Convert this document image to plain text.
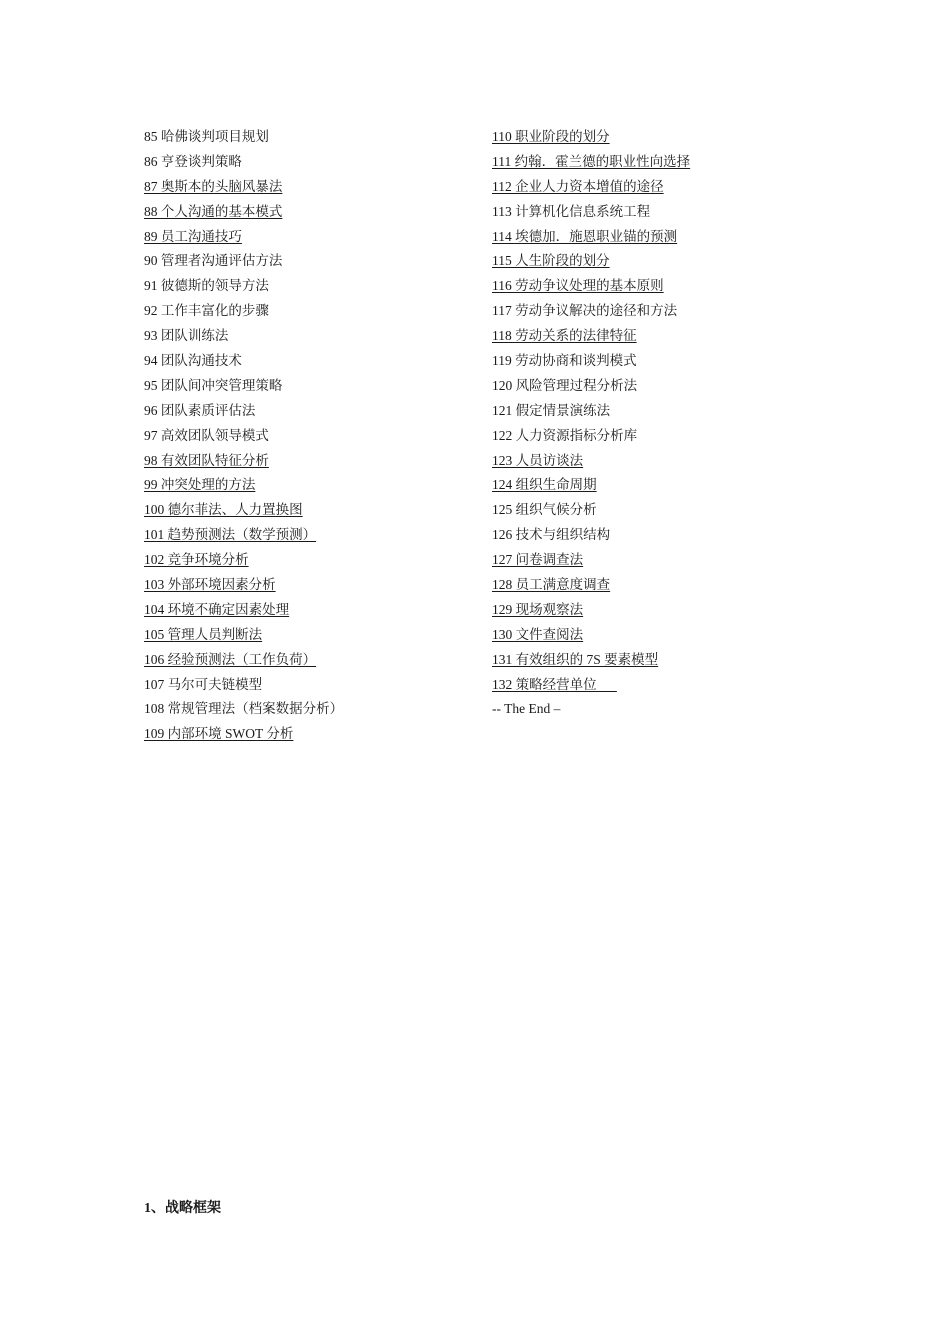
85 哈佛谈判项目规划
86 亨登谈判策略
87 奥斯本的头脑风暴法
88 个人沟通的基本模式
89 员工沟通技巧
90 管理者沟通评估方法
91 彼德斯的领导方法
92 工作丰富化的步骤
93 团队训练法
94 团队沟通技术
95 团队间冲突管理策略
96 团队素质评估法
97 高效团队领导模式
98 有效团队特征分析
99 冲突处理的方法
100 德尔菲法、人力置换图
101 趋势预测法（数学预测）
102 竞争环境分析
103 外部环境因素分析
104 环境不确定因素处理
105 管理人员判断法
106 经验预测法（工作负荷）
107 马尔可夫链模型
108 常规管理法（档案数据分析）
109 内部环境 SWOT 分析
110 职业阶段的划分
111 约翰．霍兰德的职业性向选择
112 企业人力资本增值的途径
113 计算机化信息系统工程
114 埃德加．施恩职业锚的预测
115 人生阶段的划分
116 劳动争议处理的基本原则
117 劳动争议解决的途径和方法
118 劳动关系的法律特征
119 劳动协商和谈判模式
120 风险管理过程分析法
121 假定情景演练法
122 人力资源指标分析库
123 人员访谈法
124 组织生命周期
125 组织气候分析
126 技术与组织结构
127 问卷调查法
128 员工满意度调查
129 现场观察法
130 文件查阅法
131 有效组织的 7S 要素模型
132 策略经营单位
-- The End –
1、战略框架
